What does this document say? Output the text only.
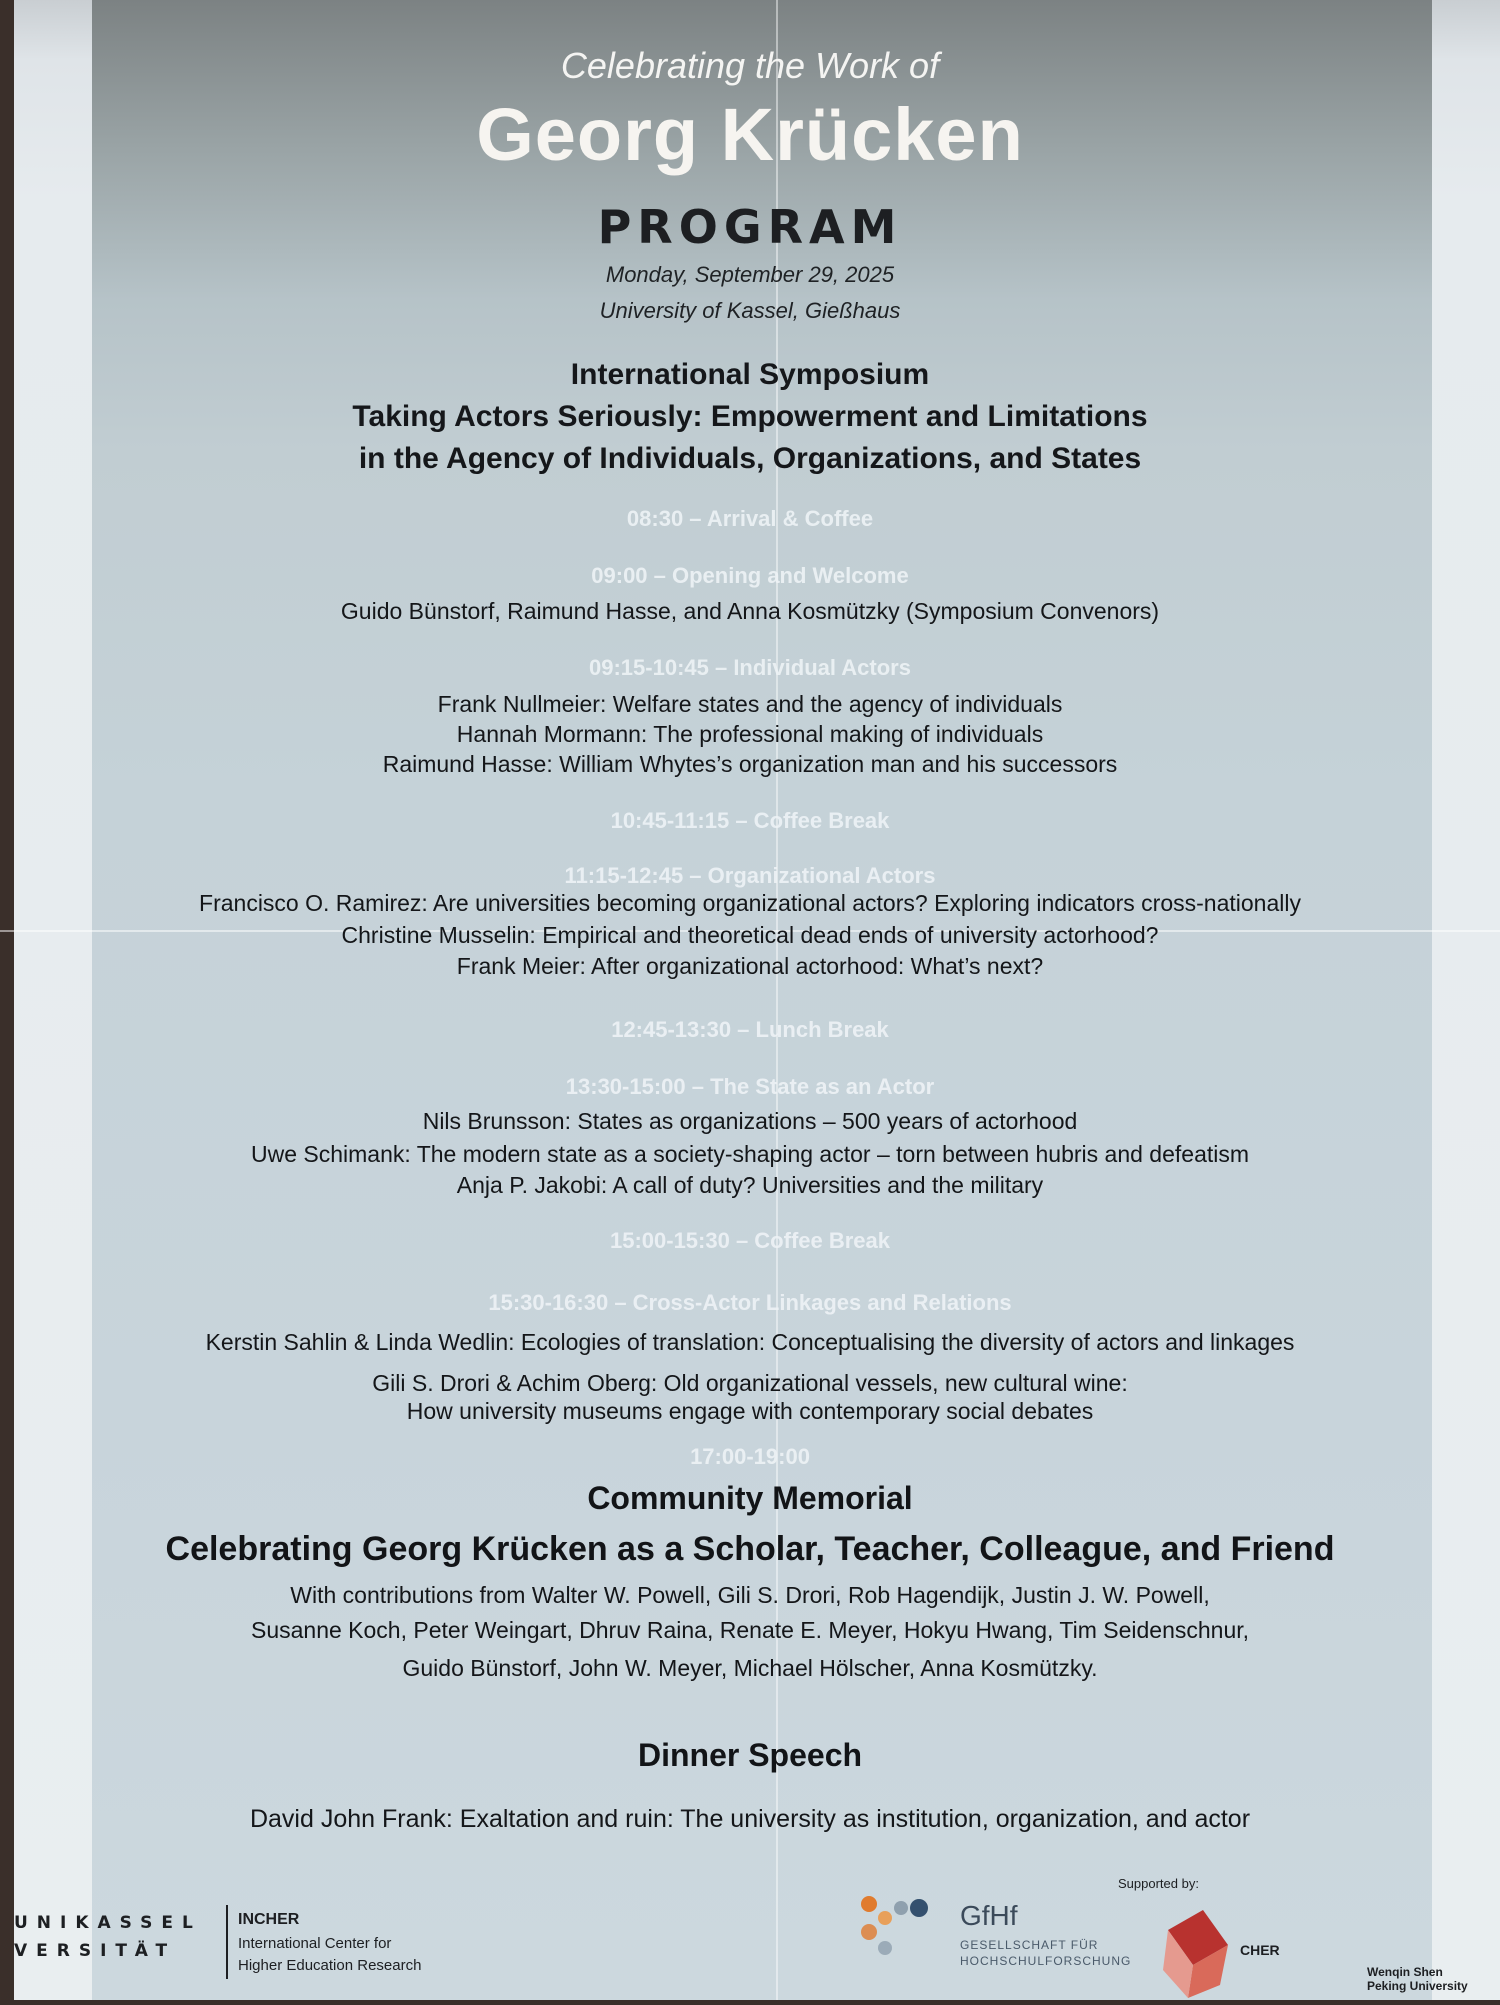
Celebrating the Work of
Georg Krücken
PROGRAM
Monday, September 29, 2025
University of Kassel, Gießhaus
International Symposium
Taking Actors Seriously: Empowerment and Limitations
in the Agency of Individuals, Organizations, and States
08:30 – Arrival & Coffee
09:00 – Opening and Welcome
Guido Bünstorf, Raimund Hasse, and Anna Kosmützky (Symposium Convenors)
09:15-10:45 – Individual Actors
Frank Nullmeier: Welfare states and the agency of individuals
Hannah Mormann: The professional making of individuals
Raimund Hasse: William Whytes’s organization man and his successors
10:45-11:15 – Coffee Break
11:15-12:45 – Organizational Actors
Francisco O. Ramirez: Are universities becoming organizational actors? Exploring indicators cross-nationally
Christine Musselin: Empirical and theoretical dead ends of university actorhood?
Frank Meier: After organizational actorhood: What’s next?
12:45-13:30 – Lunch Break
13:30-15:00 – The State as an Actor
Nils Brunsson: States as organizations – 500 years of actorhood
Uwe Schimank: The modern state as a society-shaping actor – torn between hubris and defeatism
Anja P. Jakobi: A call of duty? Universities and the military
15:00-15:30 – Coffee Break
15:30-16:30 – Cross-Actor Linkages and Relations
Kerstin Sahlin & Linda Wedlin: Ecologies of translation: Conceptualising the diversity of actors and linkages
Gili S. Drori & Achim Oberg: Old organizational vessels, new cultural wine:
How university museums engage with contemporary social debates
17:00-19:00
Community Memorial
Celebrating Georg Krücken as a Scholar, Teacher, Colleague, and Friend
With contributions from Walter W. Powell, Gili S. Drori, Rob Hagendijk, Justin J. W. Powell,
Susanne Koch, Peter Weingart, Dhruv Raina, Renate E. Meyer, Hokyu Hwang, Tim Seidenschnur,
Guido Bünstorf, John W. Meyer, Michael Hölscher, Anna Kosmützky.
Dinner Speech
David John Frank: Exaltation and ruin: The university as institution, organization, and actor
UNIKASSEL
VERSITÄT
INCHER
International Center for
Higher Education Research
GfHf
GESELLSCHAFT FÜR
HOCHSCHULFORSCHUNG
Supported by:
CHER
Wenqin Shen
Peking University
